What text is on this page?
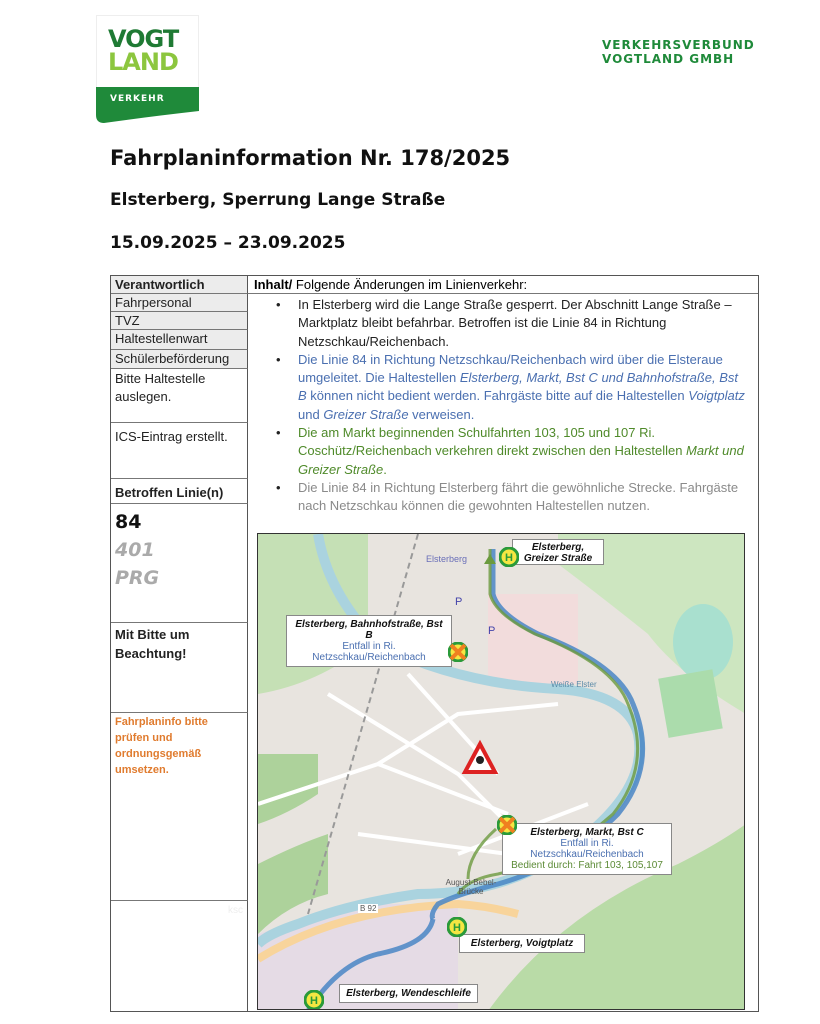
VOGT
LAND
VERKEHR
VERKEHRSVERBUND
VOGTLAND GMBH
Fahrplaninformation Nr. 178/2025
Elsterberg, Sperrung Lange Straße
15.09.2025 – 23.09.2025
Verantwortlich
Fahrpersonal
TVZ
Haltestellenwart
Schülerbeförderung
Bitte Haltestelle auslegen.
ICS-Eintrag erstellt.
Betroffen Linie(n)
84
401
PRG
Mit Bitte um Beachtung!
Fahrplaninfo bitte prüfen und ordnungsgemäß umsetzen.
ksc
Inhalt/ Folgende Änderungen im Linienverkehr:
• In Elsterberg wird die Lange Straße gesperrt. Der Abschnitt Lange Straße – Marktplatz bleibt befahrbar. Betroffen ist die Linie 84 in Richtung Netzschkau/Reichenbach.
• Die Linie 84 in Richtung Netzschkau/Reichenbach wird über die Elsteraue umgeleitet. Die Haltestellen Elsterberg, Markt, Bst C und Bahnhofstraße, Bst B können nicht bedient werden. Fahrgäste bitte auf die Haltestellen Voigtplatz und Greizer Straße verweisen.
• Die am Markt beginnenden Schulfahrten 103, 105 und 107 Ri. Coschütz/Reichenbach verkehren direkt zwischen den Haltestellen Markt und Greizer Straße.
• Die Linie 84 in Richtung Elsterberg fährt die gewöhnliche Strecke. Fahrgäste nach Netzschkau können die gewohnten Haltestellen nutzen.
Elsterberg
P
P
Weiße Elster
B 92
August-Bebel-Brücke
Elsterberg, Bahnhofstraße, Bst B
Entfall in Ri.
Netzschkau/Reichenbach
Elsterberg, Greizer Straße
Elsterberg, Markt, Bst C
Entfall in Ri.
Netzschkau/Reichenbach
Bedient durch: Fahrt 103, 105,107
Elsterberg, Voigtplatz
Elsterberg, Wendeschleife
H
H
H
